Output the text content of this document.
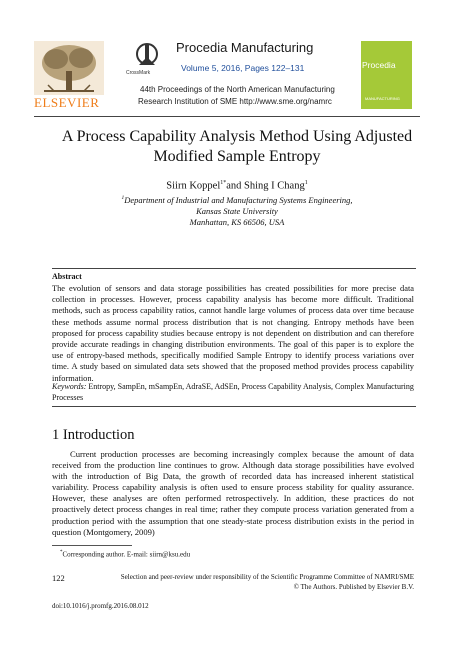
ELSEVIER
CrossMark
Procedia Manufacturing
Volume 5, 2016, Pages 122–131
44th Proceedings of the North American Manufacturing
Research Institution of SME http://www.sme.org/namrc
Procedia
MANUFACTURING
A Process Capability Analysis Method Using Adjusted
Modified Sample Entropy
Siirn Koppel$^{1*}$and Shing I Chang$^1$
$^1$Department of Industrial and Manufacturing Systems Engineering,
Kansas State University
Manhattan, KS 66506, USA
Abstract
The evolution of sensors and data storage possibilities has created possibilities for more precise data collection in processes. However, process capability analysis has become more difficult. Traditional methods, such as process capability ratios, cannot handle large volumes of process data over time because these methods assume normal process distribution that is not changing. Entropy methods have been proposed for process capability studies because entropy is not dependent on distribution and can therefore provide accurate readings in changing distribution environments. The goal of this paper is to explore the use of entropy-based methods, specifically modified Sample Entropy to identify process variations over time. A study based on simulated data sets showed that the proposed method provides process capability information.
Keywords: Entropy, SampEn, mSampEn, AdraSE, AdSEn, Process Capability Analysis, Complex Manufacturing Processes
1 Introduction
Current production processes are becoming increasingly complex because the amount of data received from the production line continues to grow. Although data storage possibilities have evolved with the introduction of Big Data, the growth of recorded data has increased inherent statistical variability. Process capability analysis is often used to ensure process stability for quality assurance. However, these analyses are often performed retrospectively. In addition, these practices do not proactively detect process changes in real time; rather they compute process variation generated from a production period with the assumption that one steady-state process distribution exists in the period in question (Montgomery, 2009)
*Corresponding author. E-mail: siirn@ksu.edu
122	Selection and peer-review under responsibility of the Scientific Programme Committee of NAMRI/SME
© The Authors. Published by Elsevier B.V.
doi:10.1016/j.promfg.2016.08.012
